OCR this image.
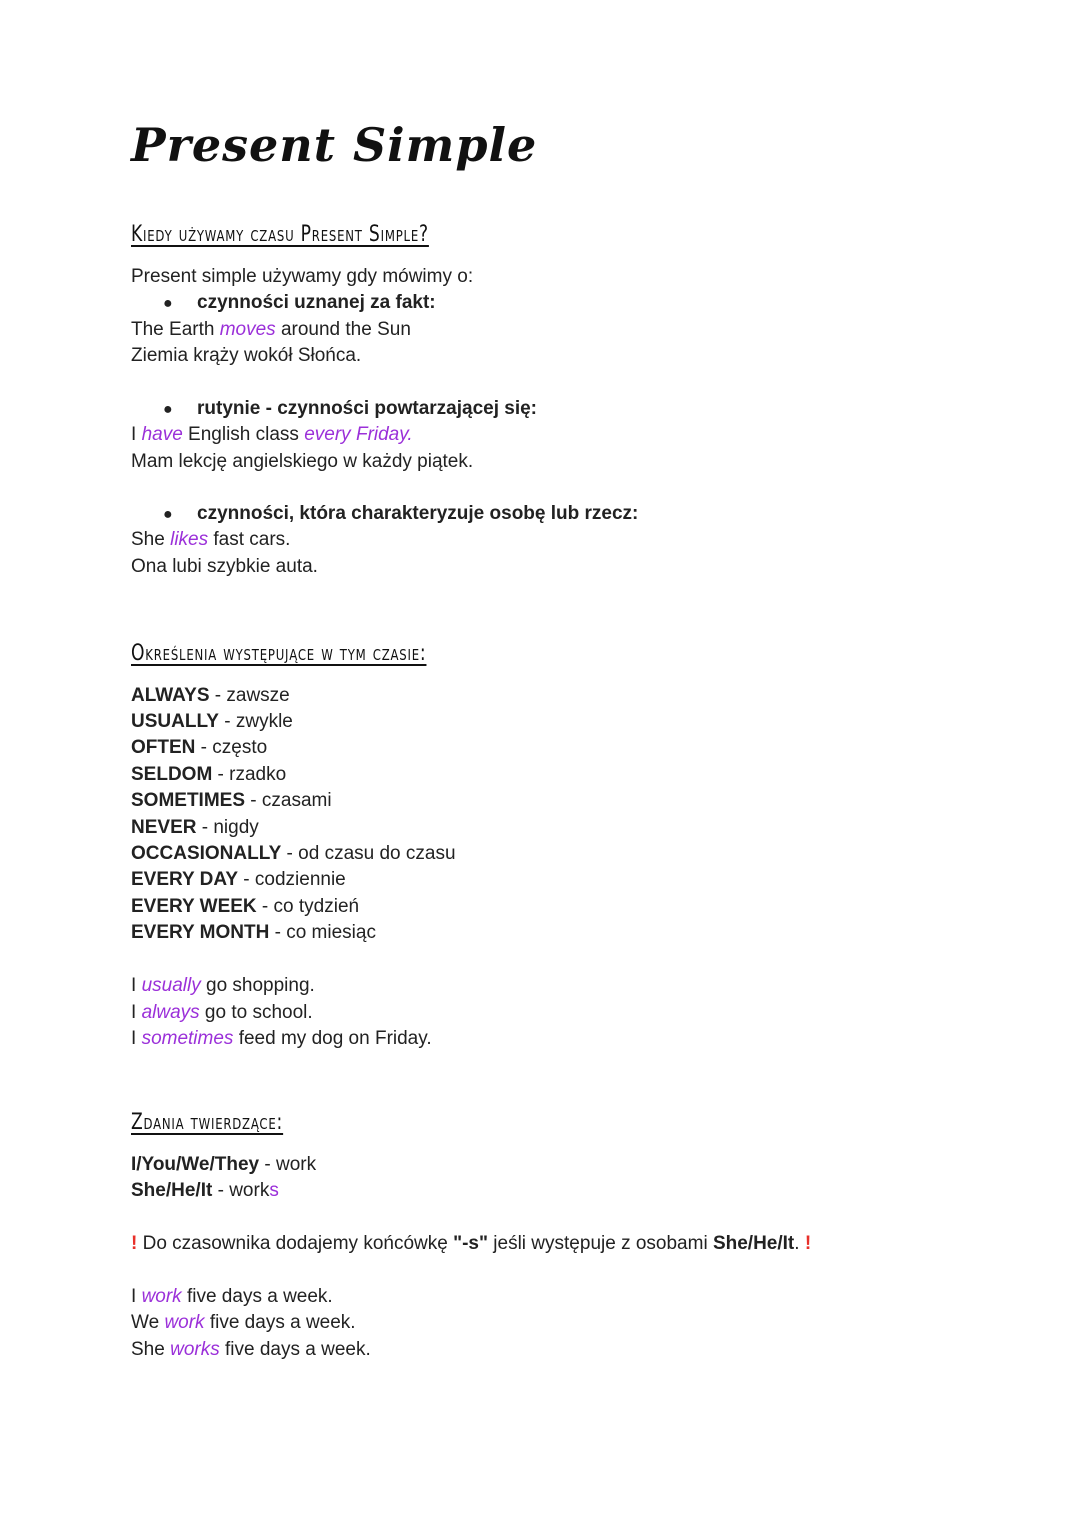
Present Simple
Kiedy używamy czasu Present Simple?

Present simple używamy gdy mówimy o:

● czynności uznanej za fakt:

The Earth moves around the Sun

Ziemia krąży wokół Słońca.

● rutynie - czynności powtarzającej się:

I have English class every Friday.

Mam lekcję angielskiego w każdy piątek.

● czynności, która charakteryzuje osobę lub rzecz:

She likes fast cars.

Ona lubi szybkie auta.

Określenia występujące w tym czasie:

ALWAYS - zawsze

USUALLY - zwykle

OFTEN - często

SELDOM - rzadko

SOMETIMES - czasami

NEVER - nigdy

OCCASIONALLY - od czasu do czasu

EVERY DAY - codziennie

EVERY WEEK - co tydzień

EVERY MONTH - co miesiąc

I usually go shopping.

I always go to school.

I sometimes feed my dog on Friday.

Zdania twierdzące:

I/You/We/They - work

She/He/It - works

! Do czasownika dodajemy końcówkę "-s" jeśli występuje z osobami She/He/It. !

I work five days a week.

We work five days a week.

She works five days a week.
